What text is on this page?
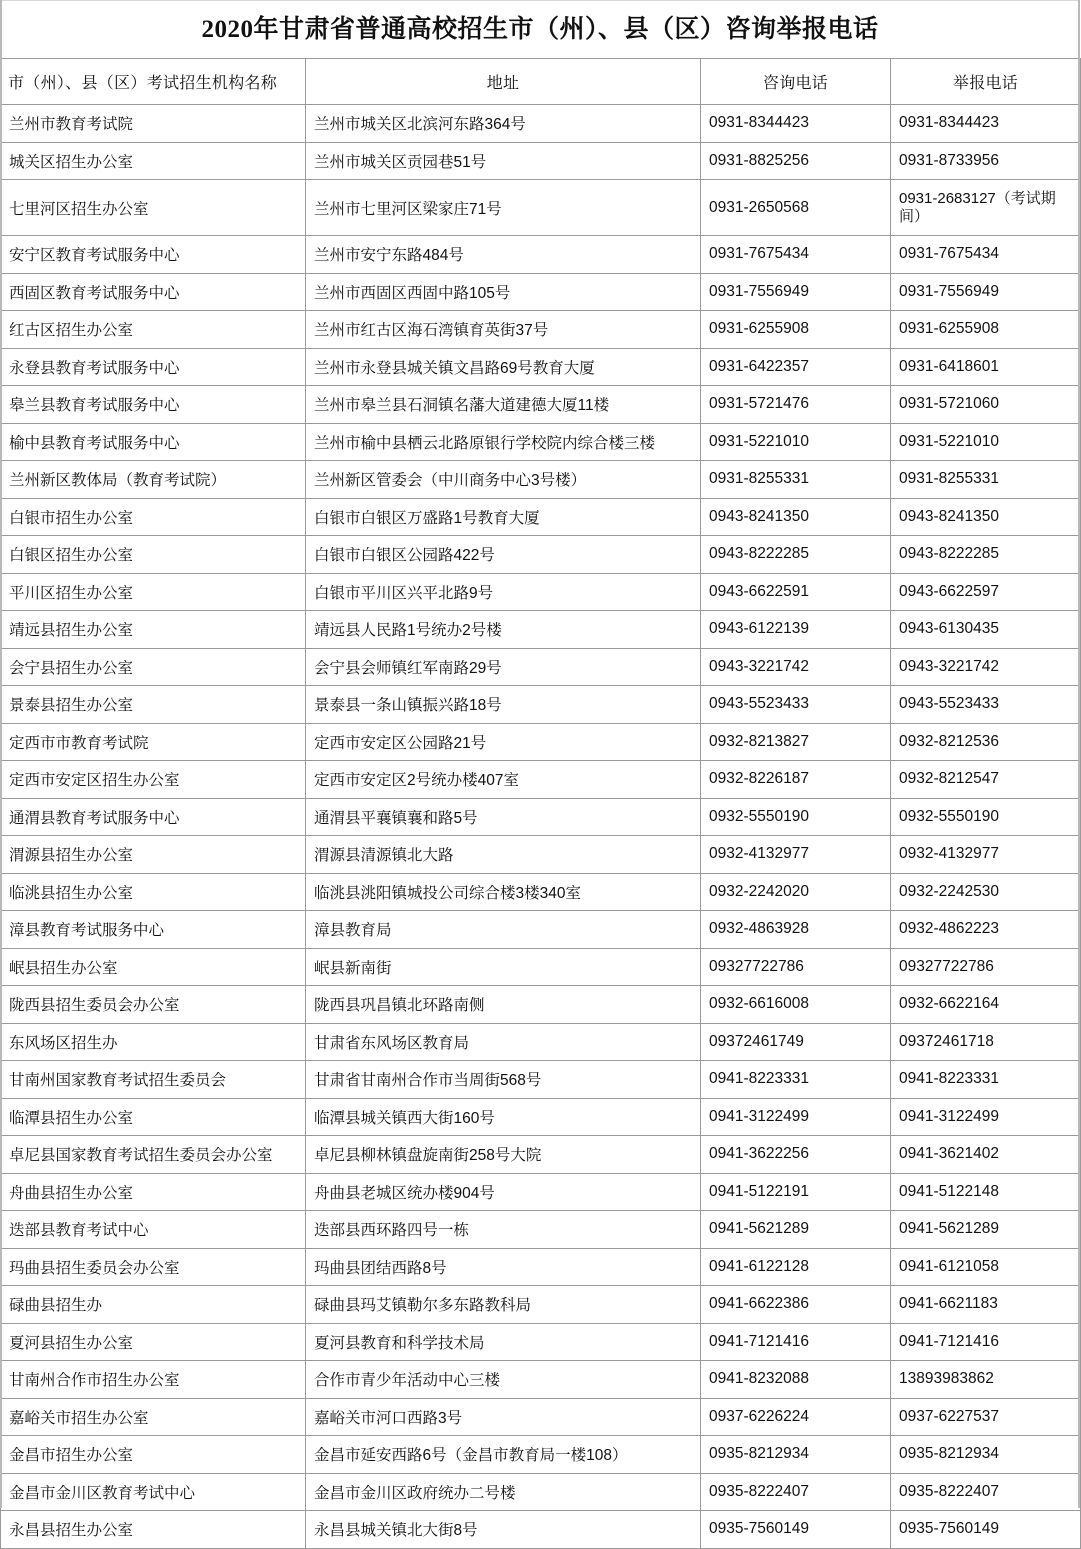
2020年甘肃省普通高校招生市（州）、县（区）咨询举报电话
市（州）、县（区）考试招生机构名称	地址	咨询电话	举报电话
兰州市教育考试院	兰州市城关区北滨河东路364号	0931-8344423	0931-8344423
城关区招生办公室	兰州市城关区贡园巷51号	0931-8825256	0931-8733956
七里河区招生办公室	兰州市七里河区梁家庄71号	0931-2650568	0931-2683127（考试期间）
安宁区教育考试服务中心	兰州市安宁东路484号	0931-7675434	0931-7675434
西固区教育考试服务中心	兰州市西固区西固中路105号	0931-7556949	0931-7556949
红古区招生办公室	兰州市红古区海石湾镇育英街37号	0931-6255908	0931-6255908
永登县教育考试服务中心	兰州市永登县城关镇文昌路69号教育大厦	0931-6422357	0931-6418601
皋兰县教育考试服务中心	兰州市皋兰县石洞镇名藩大道建德大厦11楼	0931-5721476	0931-5721060
榆中县教育考试服务中心	兰州市榆中县栖云北路原银行学校院内综合楼三楼	0931-5221010	0931-5221010
兰州新区教体局（教育考试院）	兰州新区管委会（中川商务中心3号楼）	0931-8255331	0931-8255331
白银市招生办公室	白银市白银区万盛路1号教育大厦	0943-8241350	0943-8241350
白银区招生办公室	白银市白银区公园路422号	0943-8222285	0943-8222285
平川区招生办公室	白银市平川区兴平北路9号	0943-6622591	0943-6622597
靖远县招生办公室	靖远县人民路1号统办2号楼	0943-6122139	0943-6130435
会宁县招生办公室	会宁县会师镇红军南路29号	0943-3221742	0943-3221742
景泰县招生办公室	景泰县一条山镇振兴路18号	0943-5523433	0943-5523433
定西市市教育考试院	定西市安定区公园路21号	0932-8213827	0932-8212536
定西市安定区招生办公室	定西市安定区2号统办楼407室	0932-8226187	0932-8212547
通渭县教育考试服务中心	通渭县平襄镇襄和路5号	0932-5550190	0932-5550190
渭源县招生办公室	渭源县清源镇北大路	0932-4132977	0932-4132977
临洮县招生办公室	临洮县洮阳镇城投公司综合楼3楼340室	0932-2242020	0932-2242530
漳县教育考试服务中心	漳县教育局	0932-4863928	0932-4862223
岷县招生办公室	岷县新南街	09327722786	09327722786
陇西县招生委员会办公室	陇西县巩昌镇北环路南侧	0932-6616008	0932-6622164
东风场区招生办	甘肃省东风场区教育局	09372461749	09372461718
甘南州国家教育考试招生委员会	甘肃省甘南州合作市当周街568号	0941-8223331	0941-8223331
临潭县招生办公室	临潭县城关镇西大街160号	0941-3122499	0941-3122499
卓尼县国家教育考试招生委员会办公室	卓尼县柳林镇盘旋南街258号大院	0941-3622256	0941-3621402
舟曲县招生办公室	舟曲县老城区统办楼904号	0941-5122191	0941-5122148
迭部县教育考试中心	迭部县西环路四号一栋	0941-5621289	0941-5621289
玛曲县招生委员会办公室	玛曲县团结西路8号	0941-6122128	0941-6121058
碌曲县招生办	碌曲县玛艾镇勒尔多东路教科局	0941-6622386	0941-6621183
夏河县招生办公室	夏河县教育和科学技术局	0941-7121416	0941-7121416
甘南州合作市招生办公室	合作市青少年活动中心三楼	0941-8232088	13893983862
嘉峪关市招生办公室	嘉峪关市河口西路3号	0937-6226224	0937-6227537
金昌市招生办公室	金昌市延安西路6号（金昌市教育局一楼108）	0935-8212934	0935-8212934
金昌市金川区教育考试中心	金昌市金川区政府统办二号楼	0935-8222407	0935-8222407
永昌县招生办公室	永昌县城关镇北大街8号	0935-7560149	0935-7560149
